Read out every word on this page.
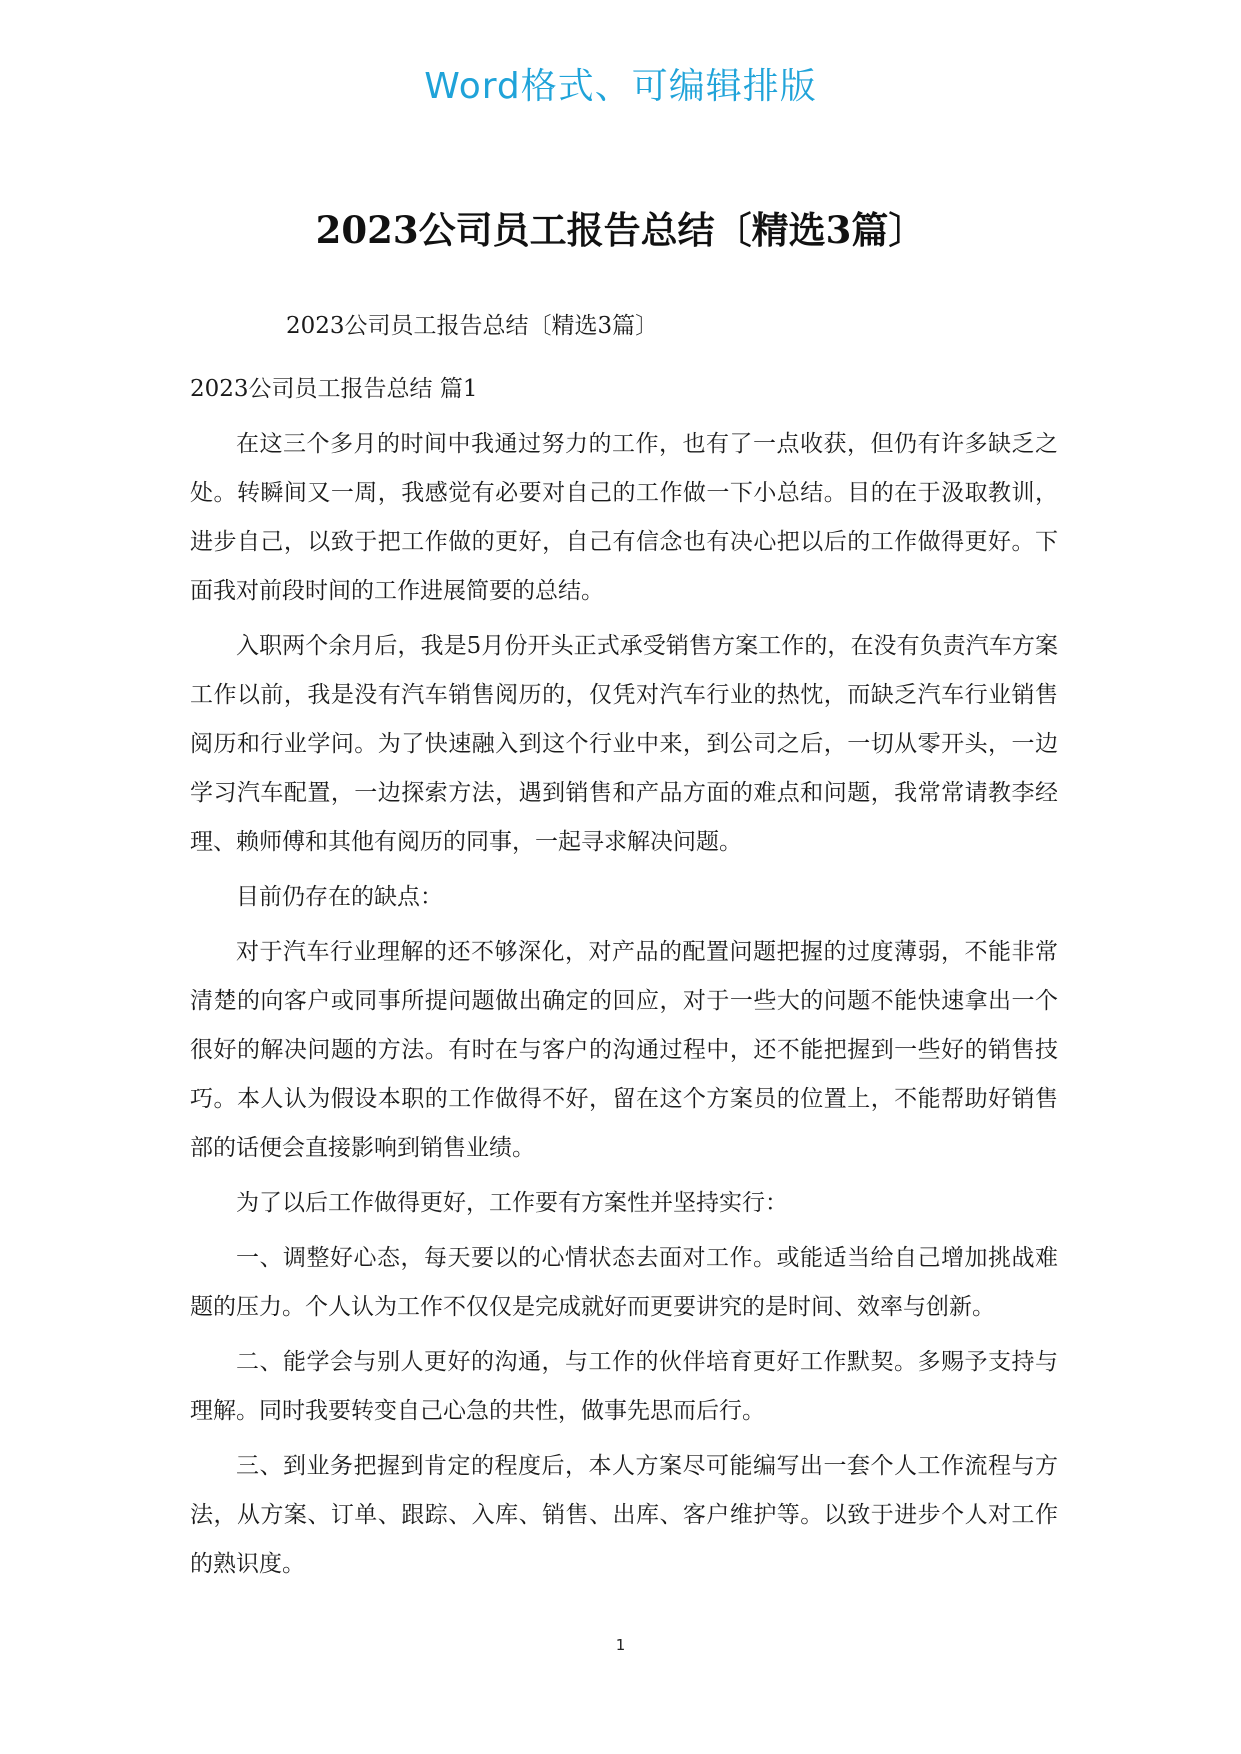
Word格式、可编辑排版
2023公司员工报告总结〔精选3篇〕

2023公司员工报告总结〔精选3篇〕

2023公司员工报告总结 篇1

在这三个多月的时间中我通过努力的工作，也有了一点收获，但仍有许多缺乏之处。转瞬间又一周，我感觉有必要对自己的工作做一下小总结。目的在于汲取教训，进步自己，以致于把工作做的更好，自己有信念也有决心把以后的工作做得更好。下面我对前段时间的工作进展简要的总结。

入职两个余月后，我是5月份开头正式承受销售方案工作的，在没有负责汽车方案工作以前，我是没有汽车销售阅历的，仅凭对汽车行业的热忱，而缺乏汽车行业销售阅历和行业学问。为了快速融入到这个行业中来，到公司之后，一切从零开头，一边学习汽车配置，一边探索方法，遇到销售和产品方面的难点和问题，我常常请教李经理、赖师傅和其他有阅历的同事，一起寻求解决问题。

目前仍存在的缺点：

对于汽车行业理解的还不够深化，对产品的配置问题把握的过度薄弱，不能非常清楚的向客户或同事所提问题做出确定的回应，对于一些大的问题不能快速拿出一个很好的解决问题的方法。有时在与客户的沟通过程中，还不能把握到一些好的销售技巧。本人认为假设本职的工作做得不好，留在这个方案员的位置上，不能帮助好销售部的话便会直接影响到销售业绩。

为了以后工作做得更好，工作要有方案性并坚持实行：

一、调整好心态，每天要以的心情状态去面对工作。或能适当给自己增加挑战难题的压力。个人认为工作不仅仅是完成就好而更要讲究的是时间、效率与创新。

二、能学会与别人更好的沟通，与工作的伙伴培育更好工作默契。多赐予支持与理解。同时我要转变自己心急的共性，做事先思而后行。

三、到业务把握到肯定的程度后，本人方案尽可能编写出一套个人工作流程与方法，从方案、订单、跟踪、入库、销售、出库、客户维护等。以致于进步个人对工作的熟识度。

1
